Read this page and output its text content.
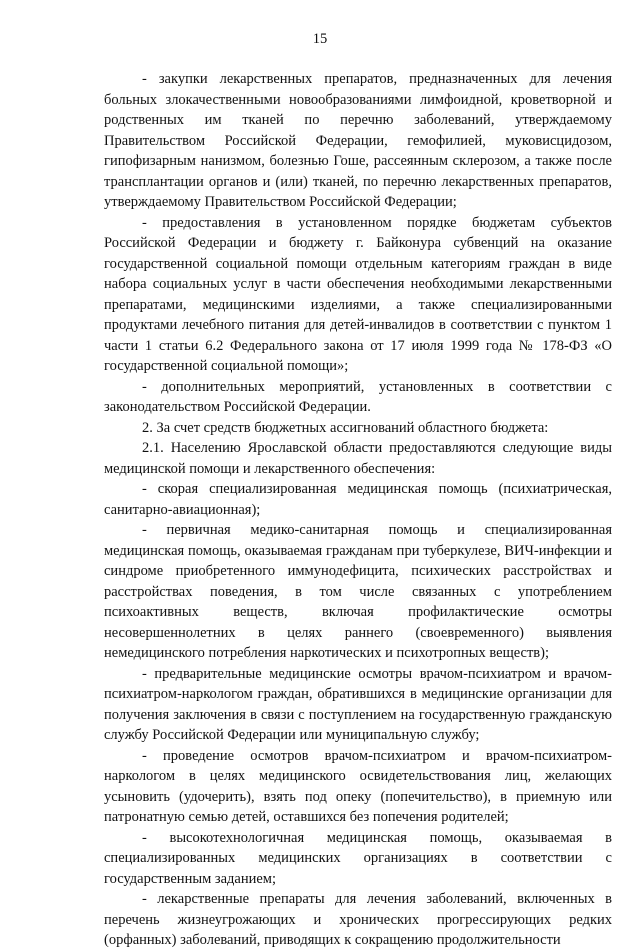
15

- закупки лекарственных препаратов, предназначенных для лечения больных злокачественными новообразованиями лимфоидной, кроветворной и родственных им тканей по перечню заболеваний, утверждаемому Правительством Российской Федерации, гемофилией, муковисцидозом, гипофизарным нанизмом, болезнью Гоше, рассеянным склерозом, а также после трансплантации органов и (или) тканей, по перечню лекарственных препаратов, утверждаемому Правительством Российской Федерации;

- предоставления в установленном порядке бюджетам субъектов Российской Федерации и бюджету г. Байконура субвенций на оказание государственной социальной помощи отдельным категориям граждан в виде набора социальных услуг в части обеспечения необходимыми лекарственными препаратами, медицинскими изделиями, а также специализированными продуктами лечебного питания для детей-инвалидов в соответствии с пунктом 1 части 1 статьи 6.2 Федерального закона от 17 июля 1999 года № 178-ФЗ «О государственной социальной помощи»;

- дополнительных мероприятий, установленных в соответствии с законодательством Российской Федерации.

2. За счет средств бюджетных ассигнований областного бюджета:

2.1. Населению Ярославской области предоставляются следующие виды медицинской помощи и лекарственного обеспечения:

- скорая специализированная медицинская помощь (психиатрическая, санитарно-авиационная);

- первичная медико-санитарная помощь и специализированная медицинская помощь, оказываемая гражданам при туберкулезе, ВИЧ-инфекции и синдроме приобретенного иммунодефицита, психических расстройствах и расстройствах поведения, в том числе связанных с употреблением психоактивных веществ, включая профилактические осмотры несовершеннолетних в целях раннего (своевременного) выявления немедицинского потребления наркотических и психотропных веществ);

- предварительные медицинские осмотры врачом-психиатром и врачом-психиатром-наркологом граждан, обратившихся в медицинские организации для получения заключения в связи с поступлением на государственную гражданскую службу Российской Федерации или муниципальную службу;

- проведение осмотров врачом-психиатром и врачом-психиатром-наркологом в целях медицинского освидетельствования лиц, желающих усыновить (удочерить), взять под опеку (попечительство), в приемную или патронатную семью детей, оставшихся без попечения родителей;

- высокотехнологичная медицинская помощь, оказываемая в специализированных медицинских организациях в соответствии с государственным заданием;

- лекарственные препараты для лечения заболеваний, включенных в перечень жизнеугрожающих и хронических прогрессирующих редких (орфанных) заболеваний, приводящих к сокращению продолжительности
